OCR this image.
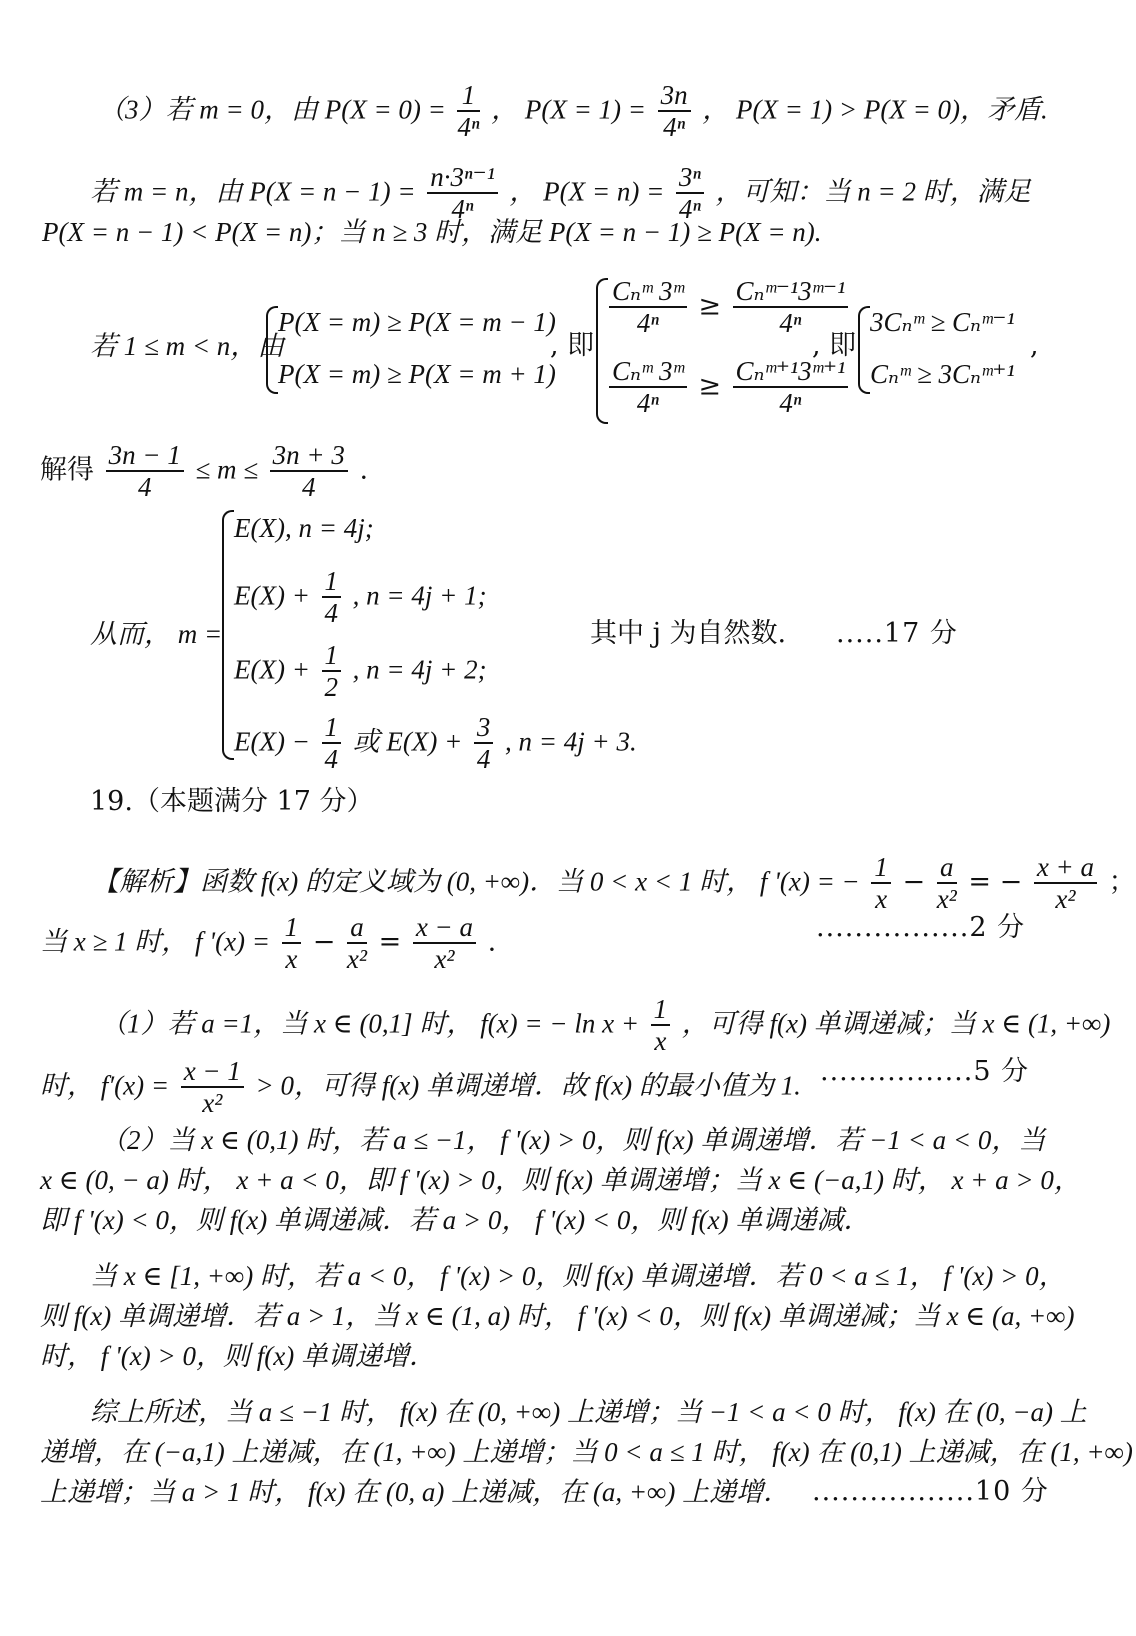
（3）若 m = 0，由 $P(X = 0) = \frac{1}{\text{4ⁿ}}$ ， $P(X = 1) = \frac{3n}{\text{4ⁿ}}$ ， P(X = 1) > P(X = 0)，矛盾.
若 m = n，由 $P(X = n - 1) = \frac{\text{n·3ⁿ⁻¹}}{\text{4ⁿ}}$ ， $P(X = n) = \frac{\text{3ⁿ}}{\text{4ⁿ}}$ ，可知：当 n = 2 时，满足
P(X = n − 1) < P(X = n)；当 n ≥ 3 时，满足 P(X = n − 1) ≥ P(X = n).
若 1 ≤ m < n，由
P(X = m) ≥ P(X = m − 1)
P(X = m) ≥ P(X = m + 1)
, 即
Cₙᵐ 3ᵐ
4ⁿ
≥ Cₙᵐ⁻¹3ᵐ⁻¹
4ⁿ
Cₙᵐ 3ᵐ
4ⁿ
≥ Cₙᵐ⁺¹3ᵐ⁺¹
4ⁿ
, 即
3Cₙᵐ ≥ Cₙᵐ⁻¹
Cₙᵐ ≥ 3Cₙᵐ⁺¹
,
解得 $\frac{3n - 1}{4} \le m \le \frac{3n + 3}{4}$ .
从而， m =
E(X), n = 4j;
$E(X) + \frac{1}{4}$ , n = 4j + 1;
$E(X) + \frac{1}{2}$ , n = 4j + 2;
$E(X) - \frac{1}{4}$ 或 $E(X) + \frac{3}{4}$ , n = 4j + 3.
其中 j 为自然数. .....17 分
19.（本题满分 17 分）
【解析】函数 f(x) 的定义域为 (0, +∞)．当 0 < x < 1 时， f '(x) = − $\frac{1}{x} - \frac{a}{\text{x²}}$ = − $\frac{x + a}{\text{x²}}$ ；
当 x ≥ 1 时， f '$(x) = \frac{1}{x} - \frac{a}{\text{x²}} = \frac{x - a}{\text{x²}}$ .	................2 分
（1）若 a =1，当 x ∈ (0,1] 时， f(x) = − $\ln x + \frac{1}{x}$ ，可得 f(x) 单调递减；当 x ∈ (1, +∞)
时， $f'(x) = \frac{x - 1}{\text{x²}} > 0$，可得 f(x) 单调递增．故 f(x) 的最小值为 1. ................5 分
（2）当 x ∈ (0,1) 时，若 a ≤ −1， f '(x) > 0，则 f(x) 单调递增．若 −1 < a < 0，当
x ∈ (0, − a) 时， x + a < 0，即 f '(x) > 0，则 f(x) 单调递增；当 x ∈ (−a,1) 时， x + a > 0，
即 f '(x) < 0，则 f(x) 单调递减．若 a > 0， f '(x) < 0，则 f(x) 单调递减．
当 x ∈ [1, +∞) 时，若 a < 0， f '(x) > 0，则 f(x) 单调递增．若 0 < a ≤ 1， f '(x) > 0，
则 f(x) 单调递增．若 a > 1，当 x ∈ (1, a) 时， f '(x) < 0，则 f(x) 单调递减；当 x ∈ (a, +∞)
时， f '(x) > 0，则 f(x) 单调递增．
综上所述，当 a ≤ −1 时， f(x) 在 (0, +∞) 上递增；当 −1 < a < 0 时， f(x) 在 (0, −a) 上
递增，在 (−a,1) 上递减，在 (1, +∞) 上递增；当 0 < a ≤ 1 时， f(x) 在 (0,1) 上递减，在 (1, +∞)
上递增；当 a > 1 时， f(x) 在 (0, a) 上递减，在 (a, +∞) 上递增． .................10 分
